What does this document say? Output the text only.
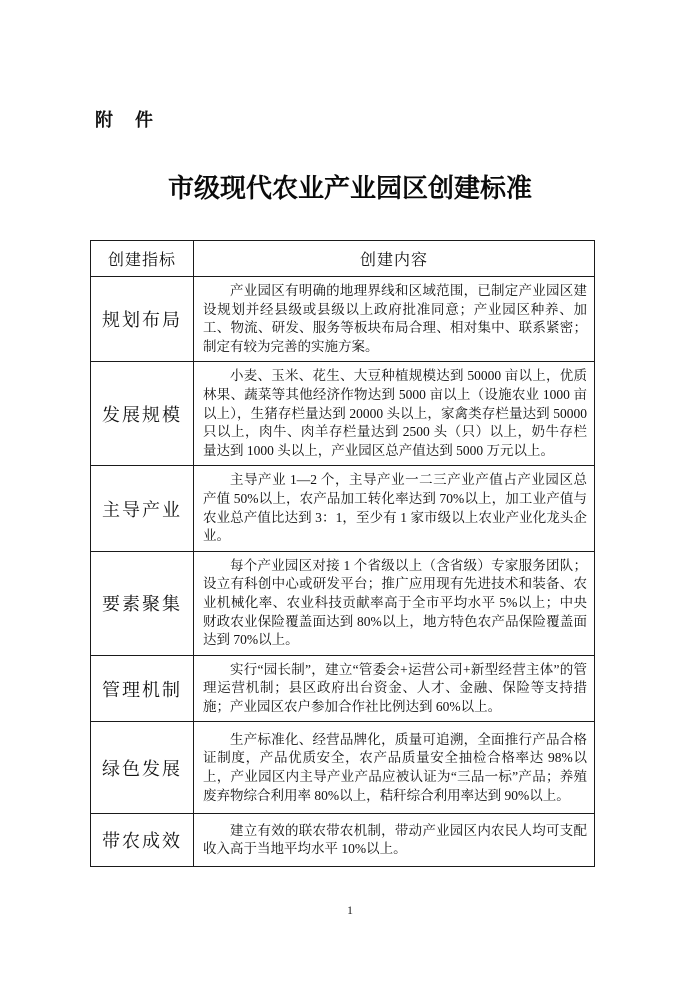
附　件
市级现代农业产业园区创建标准
创建指标	创建内容
规划布局	产业园区有明确的地理界线和区域范围，已制定产业园区建设规划并经县级或县级以上政府批准同意；产业园区种养、加工、物流、研发、服务等板块布局合理、相对集中、联系紧密；制定有较为完善的实施方案。

发展规模	小麦、玉米、花生、大豆种植规模达到 50000 亩以上，优质林果、蔬菜等其他经济作物达到 5000 亩以上（设施农业 1000 亩以上），生猪存栏量达到 20000 头以上，家禽类存栏量达到 50000 只以上，肉牛、肉羊存栏量达到 2500 头（只）以上，奶牛存栏量达到 1000 头以上，产业园区总产值达到 5000 万元以上。

主导产业	主导产业 1—2 个，主导产业一二三产业产值占产业园区总产值 50%以上，农产品加工转化率达到 70%以上，加工业产值与农业总产值比达到 3：1，至少有 1 家市级以上农业产业化龙头企业。

要素聚集	每个产业园区对接 1 个省级以上（含省级）专家服务团队；设立有科创中心或研发平台；推广应用现有先进技术和装备、农业机械化率、农业科技贡献率高于全市平均水平 5%以上；中央财政农业保险覆盖面达到 80%以上，地方特色农产品保险覆盖面达到 70%以上。

管理机制	实行“园长制”，建立“管委会+运营公司+新型经营主体”的管理运营机制；县区政府出台资金、人才、金融、保险等支持措施；产业园区农户参加合作社比例达到 60%以上。

绿色发展	生产标准化、经营品牌化，质量可追溯，全面推行产品合格证制度，产品优质安全，农产品质量安全抽检合格率达 98%以上，产业园区内主导产业产品应被认证为“三品一标”产品；养殖废弃物综合利用率 80%以上，秸秆综合利用率达到 90%以上。

带农成效	建立有效的联农带农机制，带动产业园区内农民人均可支配收入高于当地平均水平 10%以上。

1
